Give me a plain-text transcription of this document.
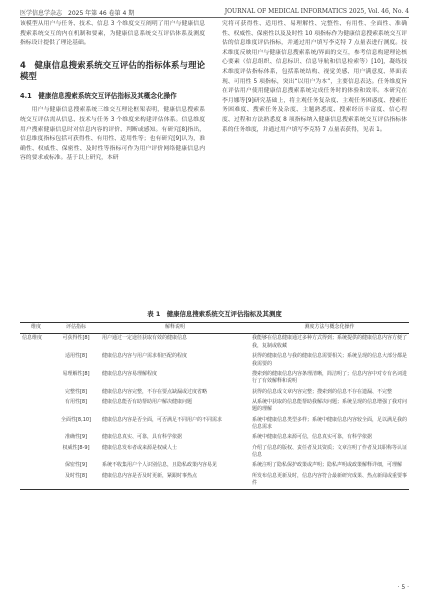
医学信息学杂志　2025 年第 46 卷第 4 期	JOURNAL OF MEDICAL INFORMATICS 2025, Vol. 46, No. 4

该模型从用户与任务、技术、信息 3 个维度交互阐明了用户与健康信息搜索系统交互的内在机制和要素，为健康信息系统交互评估体系及测度指标设计提供了理论基础。

4　健康信息搜索系统交互评估的指标体系与理论模型
4.1　健康信息搜索系统交互评估指标及其概念化操作

用户与健康信息搜索系统三维交互理论框架表明，健康信息搜索系统交互评估需从信息、技术与任务 3 个维度来构建评估体系。信息维度用户搜索健康信息时对信息内容的评价、判断或感知。有研究[8]指出，信息维度指标包括可获得性、有用性、适用性等；也有研究[9]认为，准确性、权威性、保密性、及时性等指标可作为用户评价网络健康信息内容的要求或标准。基于以上研究，本研

究将可获得性、适用性、易理解性、完整性、有用性、全面性、准确性、权威性、保密性以及及时性 10 项指标作为健康信息搜索系统交互评估的信息维度评估指标，并通过用户填写李克特 7 点量表进行测度。技术维度反映用户与健康信息搜索系统/界面的交互，参考信息构建理论核心要素（信息组织、信息标识、信息导航和信息检索等）[10]，凝练技术维度评估指标体系，包括系统结构、视觉美感、用户满意度、界面表现、可用性 5 项指标，突出“以用户为本”，主要信息表达。任务维度旨在评估用户使用健康信息搜索系统完成任务时的体验和效率。本研究在李月娜等[9]研究基础上，将主观任务复杂度、主观任务困惑度、搜索任务困难度、搜索任务及杂度、主题熟悉度、搜索经历丰富度、信心程度、过程和方法熟悉度 8 项指标纳入健康信息搜索系统交互评估指标体系的任务维度，并通过用户填写李克特 7 点量表获得，见表 1。

表 1　健康信息搜索系统交互评估指标及其测度
维度	评估指标	解释说明	测度方法与概念化操作
信息维度	可获得性[8]	用户通过一定途径获取有效的健康信息	我能够在信息健康通过多种方式得到；系统提供的健康信息内容方便了我，复制或收藏
	适用性[8]	健康信息内容与用户需求相匹配的程度	获得的健康信息与我的健康信息需要相关；系统呈现的信息大部分都是我需要的
	易理解性[8]	健康信息内容易理解程度	搜索到的健康信息内容条理清晰，简洁明了；信息内容中对专有名词进行了有效解释和说明
	完整性[8]	健康信息内容完整，不存在要点缺漏或过度省略	获得的信息成文章内容完整；搜索到的信息不存在遗漏、不完整
	有用性[8]	健康信息能否有助帮助用户解决健康问题	从系统中获取的信息能帮助我解决问题；系统呈现的信息增强了我对问题的理解
	全面性[8,10]	健康信息内容是否全面，可否满足不同用户的不同需求	系统中健康信息类型多样；系统中健康信息内容较全面，足以满足我的信息需求
	准确性[9]	健康信息真实、可靠，具有科学依据	系统中健康信息来源可信，信息真实可靠，有科学依据
	权威性[8-9]	健康信息发布者或来源是权威人士	介绍了信息的版权、责任者及其资质；文章注明了作者及其职称等认证信息
	保密性[9]	系统不收集用户个人识别信息，且隐私政策内容易见	系统注明了隐私保护政策或声明；隐私声明或政策解释详细，可理解
	及时性[8]	健康信息内容是否及时更新，紧跟时事热点	所发布信息更新及时，信息内容符合最新研究成果、热点新闻或重要事件
· 5 ·
